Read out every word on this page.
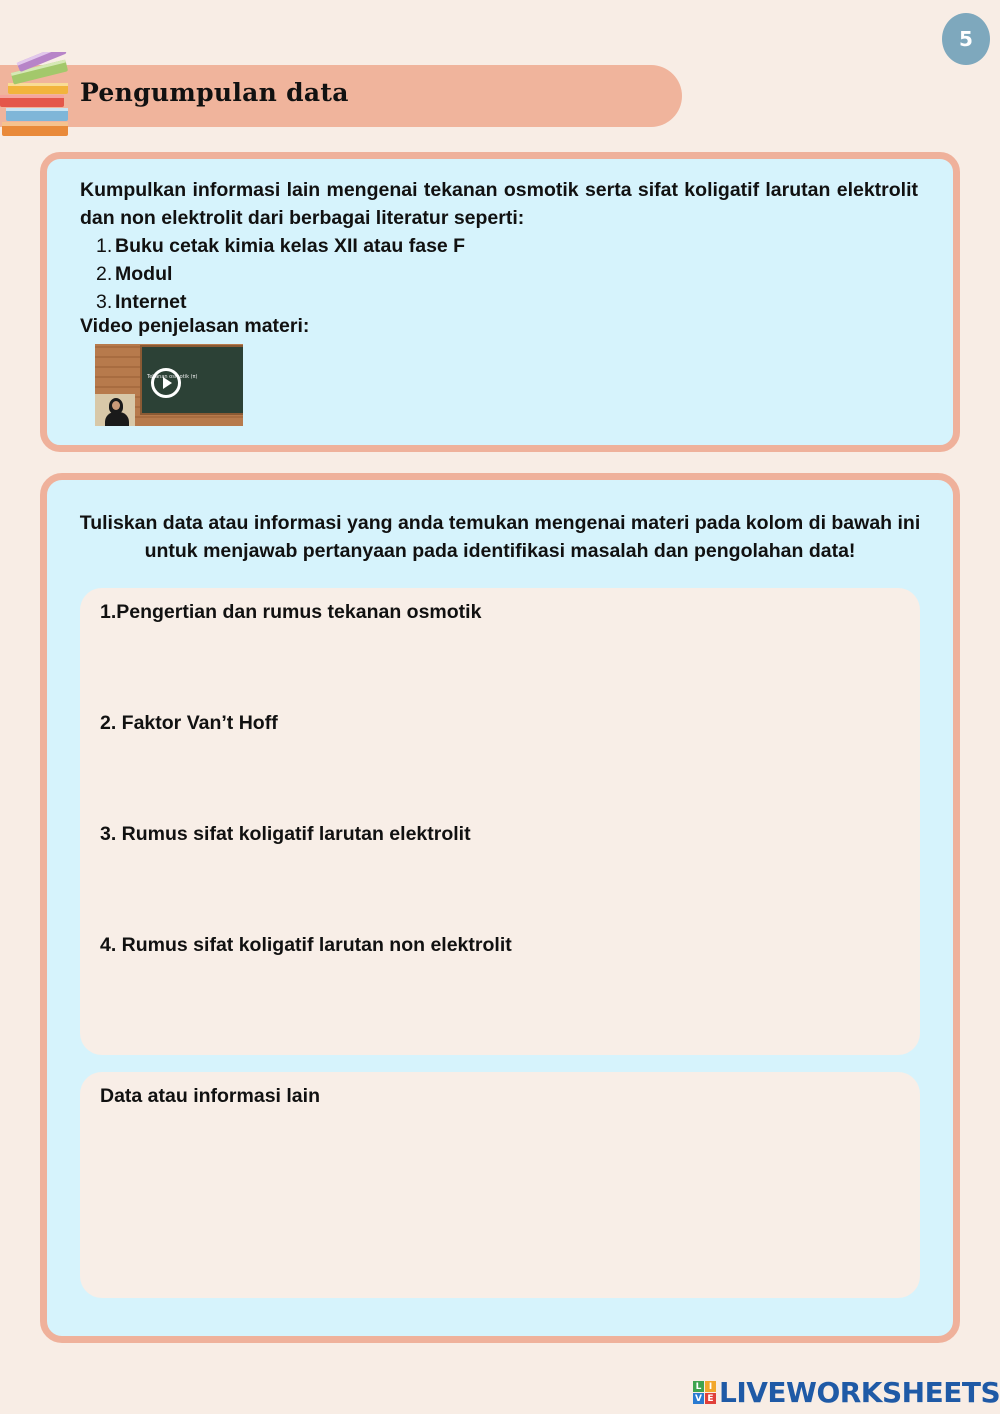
5
Pengumpulan data
Kumpulkan informasi lain mengenai tekanan osmotik serta sifat koligatif larutan elektrolit dan non elektrolit dari berbagai literatur seperti:
1. Buku cetak kimia kelas XII atau fase F
2. Modul
3. Internet
Video penjelasan materi:
Tekanan osmotik (π)
Tuliskan data atau informasi yang anda temukan mengenai materi pada kolom di bawah ini untuk menjawab pertanyaan pada identifikasi masalah dan pengolahan data!
1.Pengertian dan rumus tekanan osmotik
2. Faktor Van’t Hoff
3. Rumus sifat koligatif larutan elektrolit
4. Rumus sifat koligatif larutan non elektrolit
Data atau informasi lain
L I
V E LIVEWORKSHEETS
